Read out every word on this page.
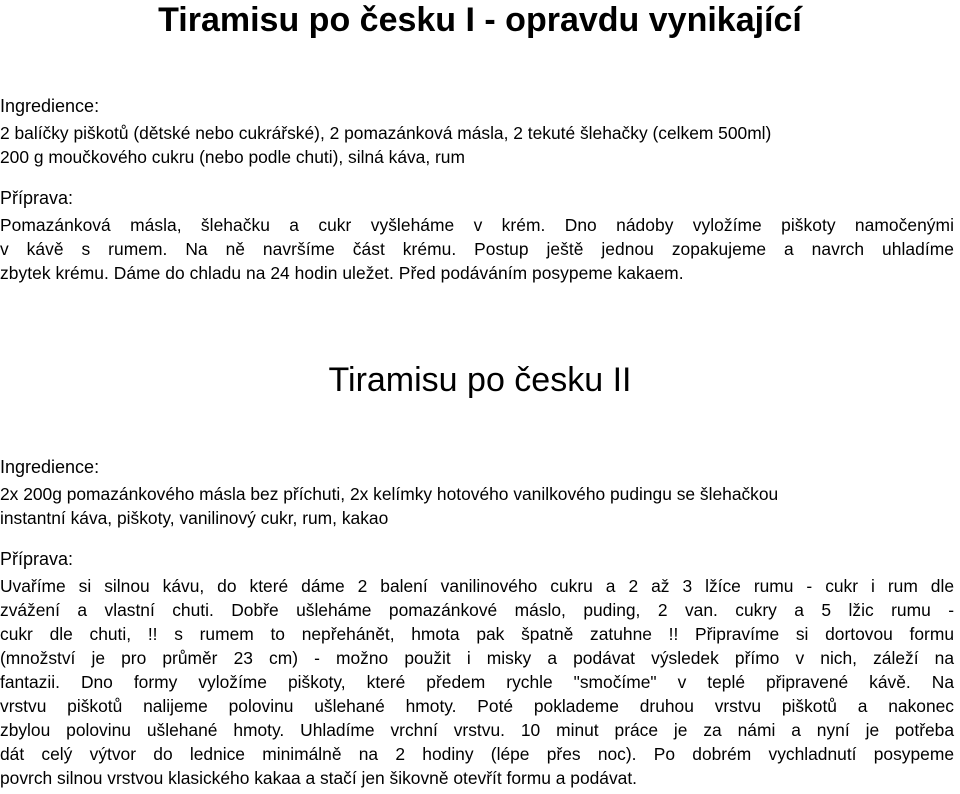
Tiramisu po česku I - opravdu vynikající
Ingredience:
2 balíčky piškotů (dětské nebo cukrářské), 2 pomazánková másla, 2 tekuté šlehačky (celkem 500ml)
200 g moučkového cukru (nebo podle chuti), silná káva, rum
Příprava:
Pomazánková másla, šlehačku a cukr vyšleháme v krém. Dno nádoby vyložíme piškoty namočenými
v kávě s rumem. Na ně navršíme část krému. Postup ještě jednou zopakujeme a navrch uhladíme
zbytek krému. Dáme do chladu na 24 hodin uležet. Před podáváním posypeme kakaem.
Tiramisu po česku II
Ingredience:
2x 200g pomazánkového másla bez příchuti, 2x kelímky hotového vanilkového pudingu se šlehačkou
instantní káva, piškoty, vanilinový cukr, rum, kakao
Příprava:
Uvaříme si silnou kávu, do které dáme 2 balení vanilinového cukru a 2 až 3 lžíce rumu - cukr i rum dle
zvážení a vlastní chuti. Dobře ušleháme pomazánkové máslo, puding, 2 van. cukry a 5 lžic rumu -
cukr dle chuti, !! s rumem to nepřehánět, hmota pak špatně zatuhne !! Připravíme si dortovou formu
(množství je pro průměr 23 cm) - možno použit i misky a podávat výsledek přímo v nich, záleží na
fantazii. Dno formy vyložíme piškoty, které předem rychle "smočíme" v teplé připravené kávě. Na
vrstvu piškotů nalijeme polovinu ušlehané hmoty. Poté poklademe druhou vrstvu piškotů a nakonec
zbylou polovinu ušlehané hmoty. Uhladíme vrchní vrstvu. 10 minut práce je za námi a nyní je potřeba
dát celý výtvor do lednice minimálně na 2 hodiny (lépe přes noc). Po dobrém vychladnutí posypeme
povrch silnou vrstvou klasického kakaa a stačí jen šikovně otevřít formu a podávat.
